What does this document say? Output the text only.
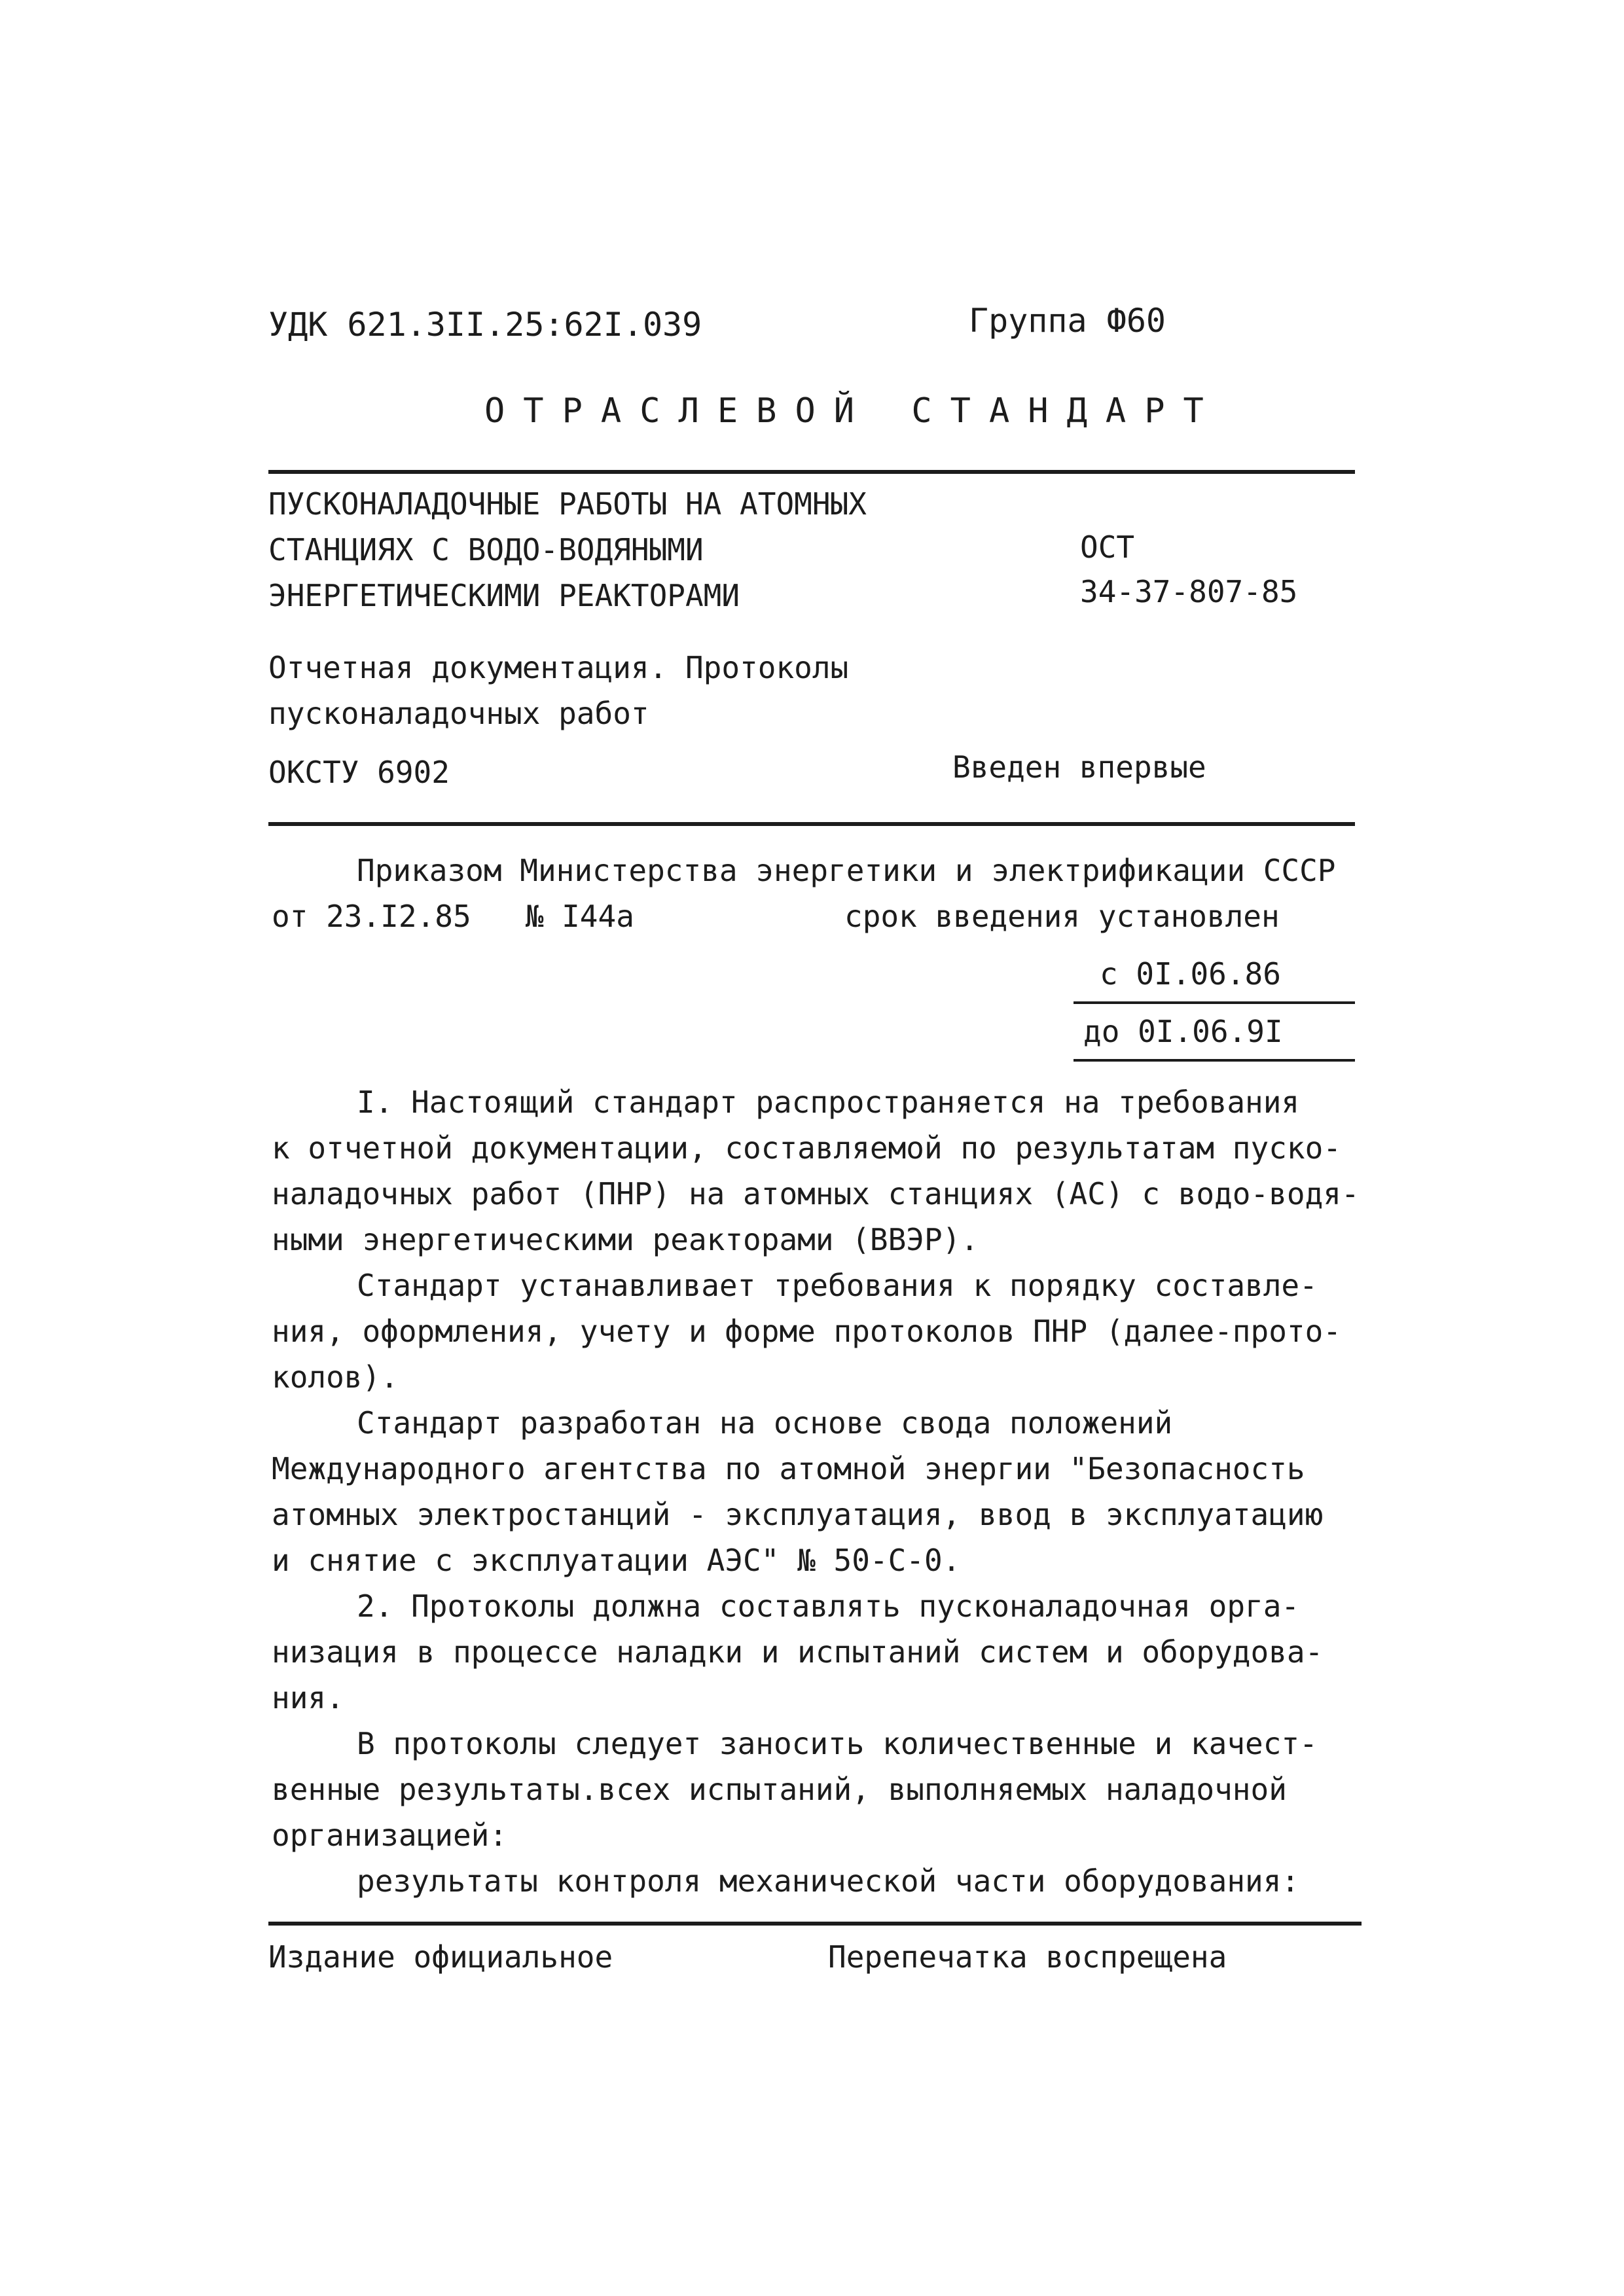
УДК 621.3II.25:62I.039	Группа Ф60
ОТРАСЛЕВОЙ СТАНДАРТ
ПУСКОНАЛАДОЧНЫЕ РАБОТЫ НА АТОМНЫХ
СТАНЦИЯХ С ВОДО-ВОДЯНЫМИ
ЭНЕРГЕТИЧЕСКИМИ РЕАКТОРАМИ
ОСТ
34-37-807-85
Отчетная документация. Протоколы
пусконаладочных работ
ОКСТУ 6902	Введен впервые
Приказом Министерства энергетики и электрификации СССР
от 23.I2.85   № I44а	срок введения установлен
с 0I.06.86
до 0I.06.9I
I. Настоящий стандарт распространяется на требования
к отчетной документации, составляемой по результатам пуско-
наладочных работ (ПНР) на атомных станциях (АС) с водо-водя-
ными энергетическими реакторами (ВВЭР).
Стандарт устанавливает требования к порядку составле-
ния, оформления, учету и форме протоколов ПНР (далее-прото-
колов).
Стандарт разработан на основе свода положений
Международного агентства по атомной энергии "Безопасность
атомных электростанций - эксплуатация, ввод в эксплуатацию
и снятие с эксплуатации АЭС" № 50-С-0.
2. Протоколы должна составлять пусконаладочная орга-
низация в процессе наладки и испытаний систем и оборудова-
ния.
В протоколы следует заносить количественные и качест-
венные результаты.всех испытаний, выполняемых наладочной
организацией:
результаты контроля механической части оборудования:
Издание официальное	Перепечатка воспрещена
